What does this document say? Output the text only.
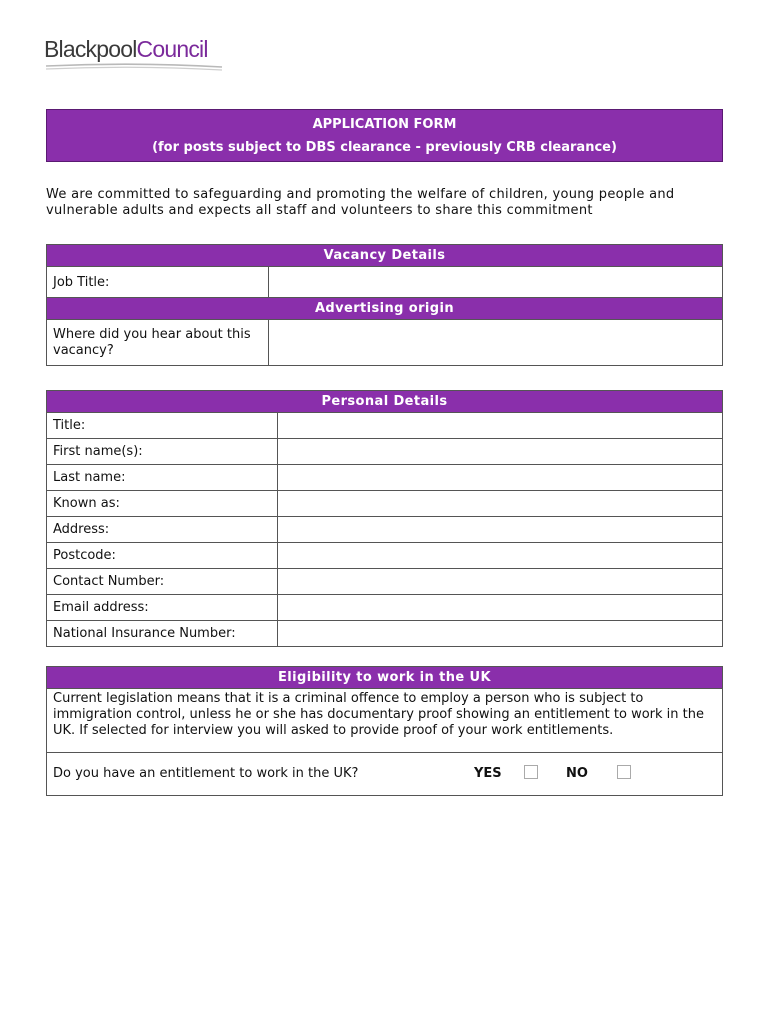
BlackpoolCouncil
APPLICATION FORM
(for posts subject to DBS clearance - previously CRB clearance)
We are committed to safeguarding and promoting the welfare of children, young people and vulnerable adults and expects all staff and volunteers to share this commitment
Vacancy Details
Job Title:
Advertising origin
Where did you hear about this vacancy?
Personal Details
Title:
First name(s):
Last name:
Known as:
Address:
Postcode:
Contact Number:
Email address:
National Insurance Number:
Eligibility to work in the UK
Current legislation means that it is a criminal offence to employ a person who is subject to immigration control, unless he or she has documentary proof showing an entitlement to work in the UK. If selected for interview you will asked to provide proof of your work entitlements.
Do you have an entitlement to work in the UK?	YES	NO
